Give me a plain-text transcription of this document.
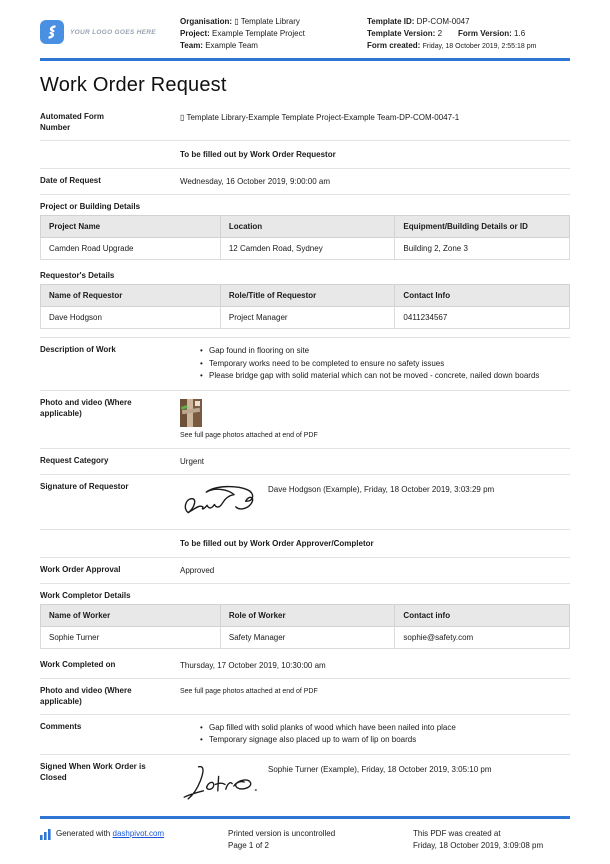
YOUR LOGO GOES HERE
Organisation: ▯ Template Library
Project: Example Template Project
Team: Example Team
Template ID: DP-COM-0047
Template Version: 2 Form Version: 1.6
Form created: Friday, 18 October 2019, 2:55:18 pm
Work Order Request
Automated Form Number
▯ Template Library-Example Template Project-Example Team-DP-COM-0047-1
To be filled out by Work Order Requestor
Date of Request	Wednesday, 16 October 2019, 9:00:00 am
Project or Building Details
Project Name	Location	Equipment/Building Details or ID
Camden Road Upgrade	12 Camden Road, Sydney	Building 2, Zone 3
Requestor's Details
Name of Requestor	Role/Title of Requestor	Contact Info
Dave Hodgson	Project Manager	0411234567
Description of Work	• Gap found in flooring on site
• Temporary works need to be completed to ensure no safety issues
• Please bridge gap with solid material which can not be moved - concrete, nailed down boards
Photo and video (Where applicable)
See full page photos attached at end of PDF
Request Category	Urgent
Signature of Requestor	Dave Hodgson (Example), Friday, 18 October 2019, 3:03:29 pm
To be filled out by Work Order Approver/Completor
Work Order Approval	Approved
Work Completor Details
Name of Worker	Role of Worker	Contact info
Sophie Turner	Safety Manager	sophie@safety.com
Work Completed on	Thursday, 17 October 2019, 10:30:00 am
Photo and video (Where applicable)
See full page photos attached at end of PDF
Comments	• Gap filled with solid planks of wood which have been nailed into place
• Temporary signage also placed up to warn of lip on boards
Signed When Work Order is Closed
Sophie Turner (Example), Friday, 18 October 2019, 3:05:10 pm
Generated with dashpivot.com	Printed version is uncontrolled
Page 1 of 2
This PDF was created at
Friday, 18 October 2019, 3:09:08 pm
